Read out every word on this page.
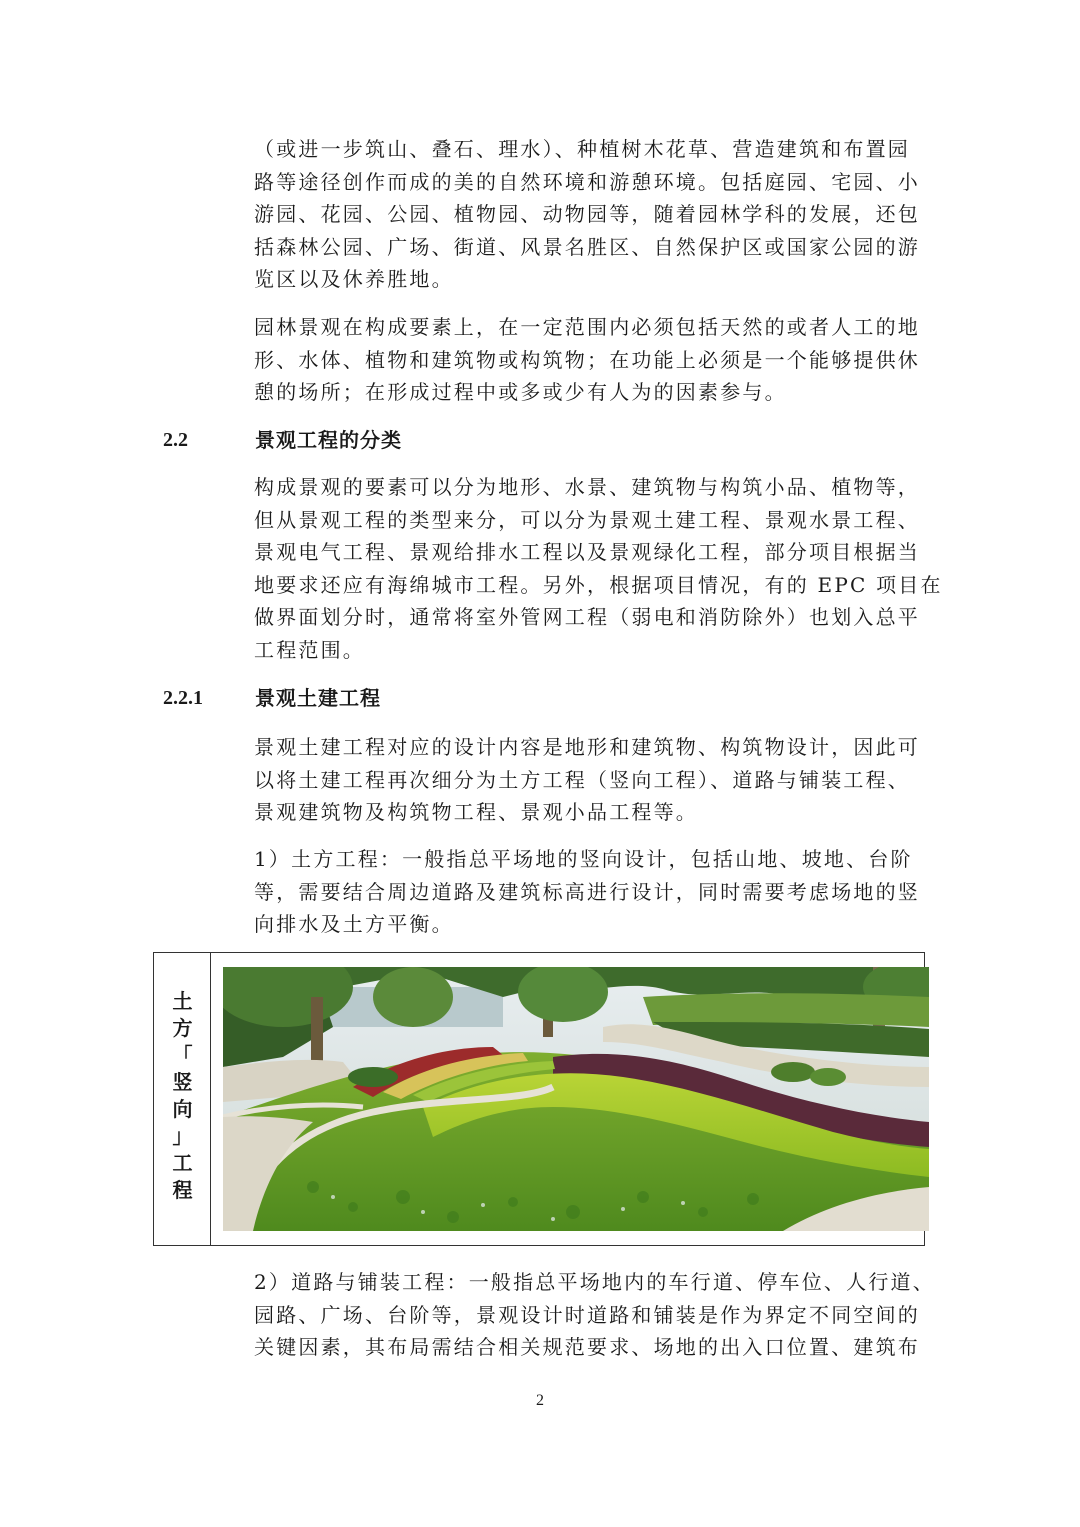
（或进一步筑山、叠石、理水）、种植树木花草、营造建筑和布置园
路等途径创作而成的美的自然环境和游憩环境。包括庭园、宅园、小
游园、花园、公园、植物园、动物园等，随着园林学科的发展，还包
括森林公园、广场、街道、风景名胜区、自然保护区或国家公园的游
览区以及休养胜地。
园林景观在构成要素上，在一定范围内必须包括天然的或者人工的地
形、水体、植物和建筑物或构筑物；在功能上必须是一个能够提供休
憩的场所；在形成过程中或多或少有人为的因素参与。
2.2	景观工程的分类
构成景观的要素可以分为地形、水景、建筑物与构筑小品、植物等，
但从景观工程的类型来分，可以分为景观土建工程、景观水景工程、
景观电气工程、景观给排水工程以及景观绿化工程，部分项目根据当
地要求还应有海绵城市工程。另外，根据项目情况，有的 EPC 项目在
做界面划分时，通常将室外管网工程（弱电和消防除外）也划入总平
工程范围。
2.2.1	景观土建工程
景观土建工程对应的设计内容是地形和建筑物、构筑物设计，因此可
以将土建工程再次细分为土方工程（竖向工程）、道路与铺装工程、
景观建筑物及构筑物工程、景观小品工程等。
1）土方工程：一般指总平场地的竖向设计，包括山地、坡地、台阶
等，需要结合周边道路及建筑标高进行设计，同时需要考虑场地的竖
向排水及土方平衡。
土
方
「
竖
向
」
工
程
2）道路与铺装工程：一般指总平场地内的车行道、停车位、人行道、
园路、广场、台阶等，景观设计时道路和铺装是作为界定不同空间的
关键因素，其布局需结合相关规范要求、场地的出入口位置、建筑布
2
